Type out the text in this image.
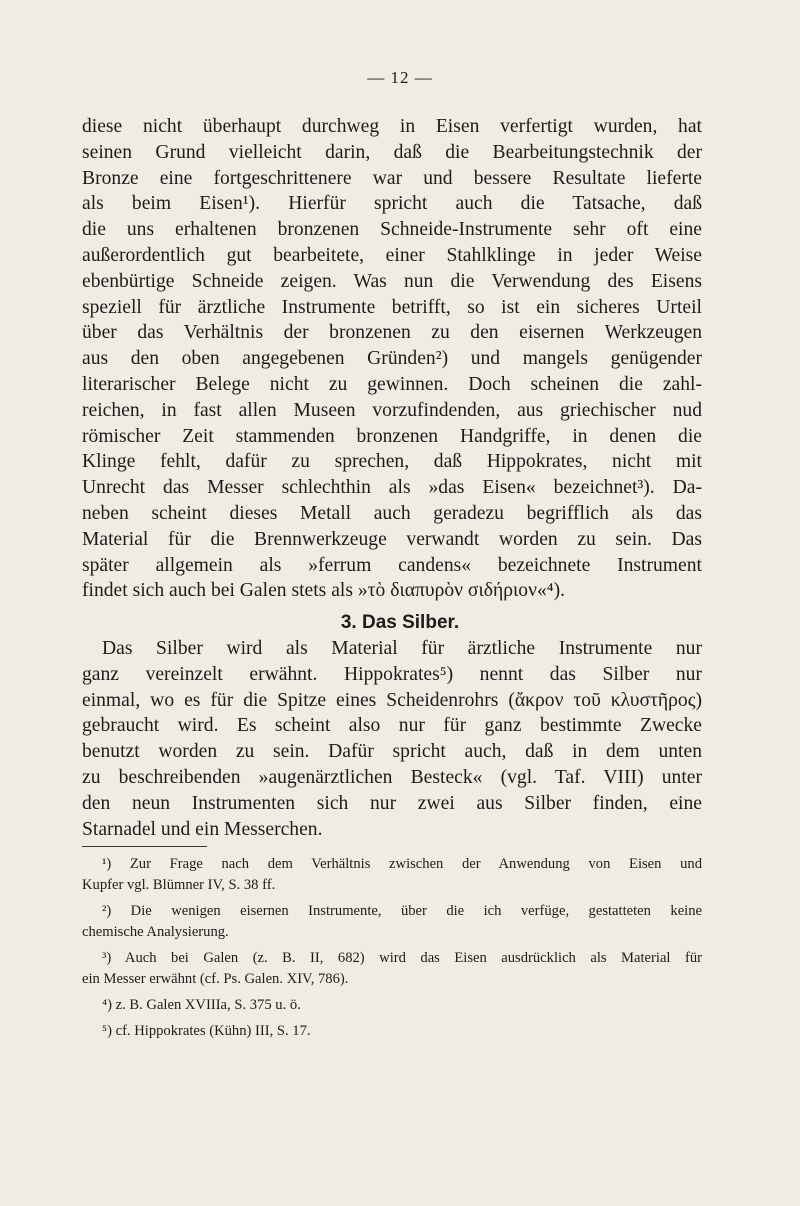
— 12 —
diese nicht überhaupt durchweg in Eisen verfertigt wurden, hat
seinen Grund vielleicht darin, daß die Bearbeitungstechnik der
Bronze eine fortgeschrittenere war und bessere Resultate lieferte
als beim Eisen¹). Hierfür spricht auch die Tatsache, daß
die uns erhaltenen bronzenen Schneide-Instrumente sehr oft eine
außerordentlich gut bearbeitete, einer Stahlklinge in jeder Weise
ebenbürtige Schneide zeigen. Was nun die Verwendung des Eisens
speziell für ärztliche Instrumente betrifft, so ist ein sicheres Urteil
über das Verhältnis der bronzenen zu den eisernen Werkzeugen
aus den oben angegebenen Gründen²) und mangels genügender
literarischer Belege nicht zu gewinnen. Doch scheinen die zahl-
reichen, in fast allen Museen vorzufindenden, aus griechischer nud
römischer Zeit stammenden bronzenen Handgriffe, in denen die
Klinge fehlt, dafür zu sprechen, daß Hippokrates, nicht mit
Unrecht das Messer schlechthin als »das Eisen« bezeichnet³). Da-
neben scheint dieses Metall auch geradezu begrifflich als das
Material für die Brennwerkzeuge verwandt worden zu sein. Das
später allgemein als »ferrum candens« bezeichnete Instrument
findet sich auch bei Galen stets als »τὸ διαπυρὸν σιδήριον«⁴).
3. Das Silber.
Das Silber wird als Material für ärztliche Instrumente nur
ganz vereinzelt erwähnt. Hippokrates⁵) nennt das Silber nur
einmal, wo es für die Spitze eines Scheidenrohrs (ἄκρον τοῦ κλυστῆρος)
gebraucht wird. Es scheint also nur für ganz bestimmte Zwecke
benutzt worden zu sein. Dafür spricht auch, daß in dem unten
zu beschreibenden »augenärztlichen Besteck« (vgl. Taf. VIII) unter
den neun Instrumenten sich nur zwei aus Silber finden, eine
Starnadel und ein Messerchen.
¹) Zur Frage nach dem Verhältnis zwischen der Anwendung von Eisen und
Kupfer vgl. Blümner IV, S. 38 ff.
²) Die wenigen eisernen Instrumente, über die ich verfüge, gestatteten keine
chemische Analysierung.
³) Auch bei Galen (z. B. II, 682) wird das Eisen ausdrücklich als Material für
ein Messer erwähnt (cf. Ps. Galen. XIV, 786).
⁴) z. B. Galen XVIIIa, S. 375 u. ö.
⁵) cf. Hippokrates (Kühn) III, S. 17.
